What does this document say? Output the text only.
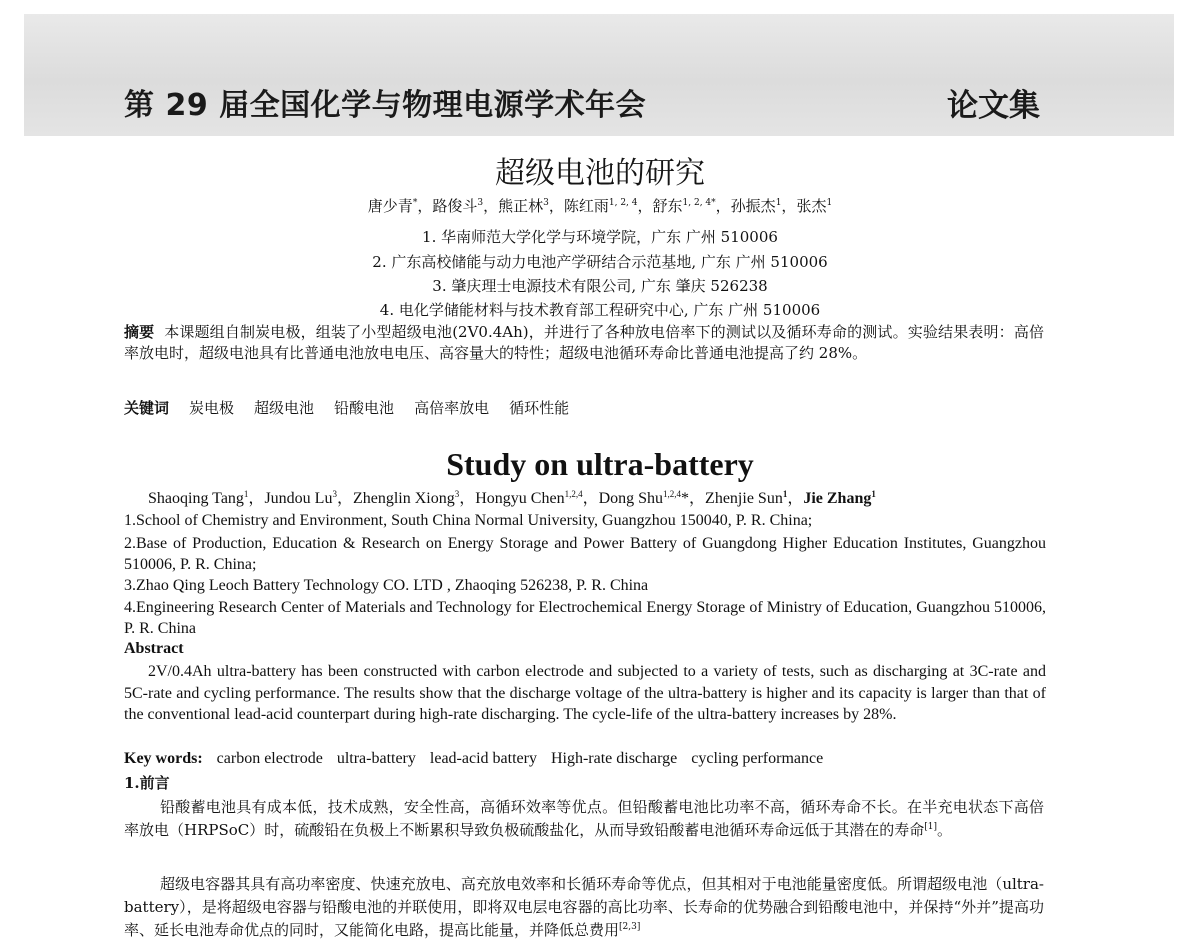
第 29 届全国化学与物理电源学术年会	论文集
超级电池的研究
唐少青*，路俊斗$^3$，熊正林$^3$，陈红雨$^{1, 2, 4}$，舒东$^{1, 2, 4*}$，孙振杰$^1$，张杰$^1$
1. 华南师范大学化学与环境学院，广东 广州 510006
2. 广东高校储能与动力电池产学研结合示范基地, 广东 广州 510006
3. 肇庆理士电源技术有限公司, 广东 肇庆 526238
4. 电化学储能材料与技术教育部工程研究中心, 广东 广州 510006
摘要 本课题组自制炭电极，组装了小型超级电池(2V0.4Ah)，并进行了各种放电倍率下的测试以及循环寿命的测试。实验结果表明：高倍率放电时，超级电池具有比普通电池放电电压、高容量大的特性；超级电池循环寿命比普通电池提高了约 28%。
关键词 炭电极 超级电池 铅酸电池 高倍率放电 循环性能
Study on ultra-battery
Shaoqing Tang$^1$，Jundou Lu$^3$，Zhenglin Xiong$^3$，Hongyu Chen$^{1,2,4}$，Dong Shu$^{1,2,4}$*，Zhenjie Sun$^1$，Jie Zhang$^1$
1.School of Chemistry and Environment, South China Normal University, Guangzhou 150040, P. R. China;
2.Base of Production, Education & Research on Energy Storage and Power Battery of Guangdong Higher Education Institutes, Guangzhou 510006, P. R. China;
3.Zhao Qing Leoch Battery Technology CO. LTD , Zhaoqing 526238, P. R. China
4.Engineering Research Center of Materials and Technology for Electrochemical Energy Storage of Ministry of Education, Guangzhou 510006, P. R. China
Abstract
2V/0.4Ah ultra-battery has been constructed with carbon electrode and subjected to a variety of tests, such as discharging at 3C-rate and 5C-rate and cycling performance. The results show that the discharge voltage of the ultra-battery is higher and its capacity is larger than that of the conventional lead-acid counterpart during high-rate discharging. The cycle-life of the ultra-battery increases by 28%.
Key words: carbon electrode ultra-battery lead-acid battery High-rate discharge cycling performance
1.前言
铅酸蓄电池具有成本低，技术成熟，安全性高，高循环效率等优点。但铅酸蓄电池比功率不高，循环寿命不长。在半充电状态下高倍率放电（HRPSoC）时，硫酸铅在负极上不断累积导致负极硫酸盐化，从而导致铅酸蓄电池循环寿命远低于其潜在的寿命[1]。
超级电容器其具有高功率密度、快速充放电、高充放电效率和长循环寿命等优点，但其相对于电池能量密度低。所谓超级电池（ultra-battery），是将超级电容器与铅酸电池的并联使用，即将双电层电容器的高比功率、长寿命的优势融合到铅酸电池中，并保持“外并”提高功率、延长电池寿命优点的同时，又能简化电路，提高比能量，并降低总费用[2,3]
